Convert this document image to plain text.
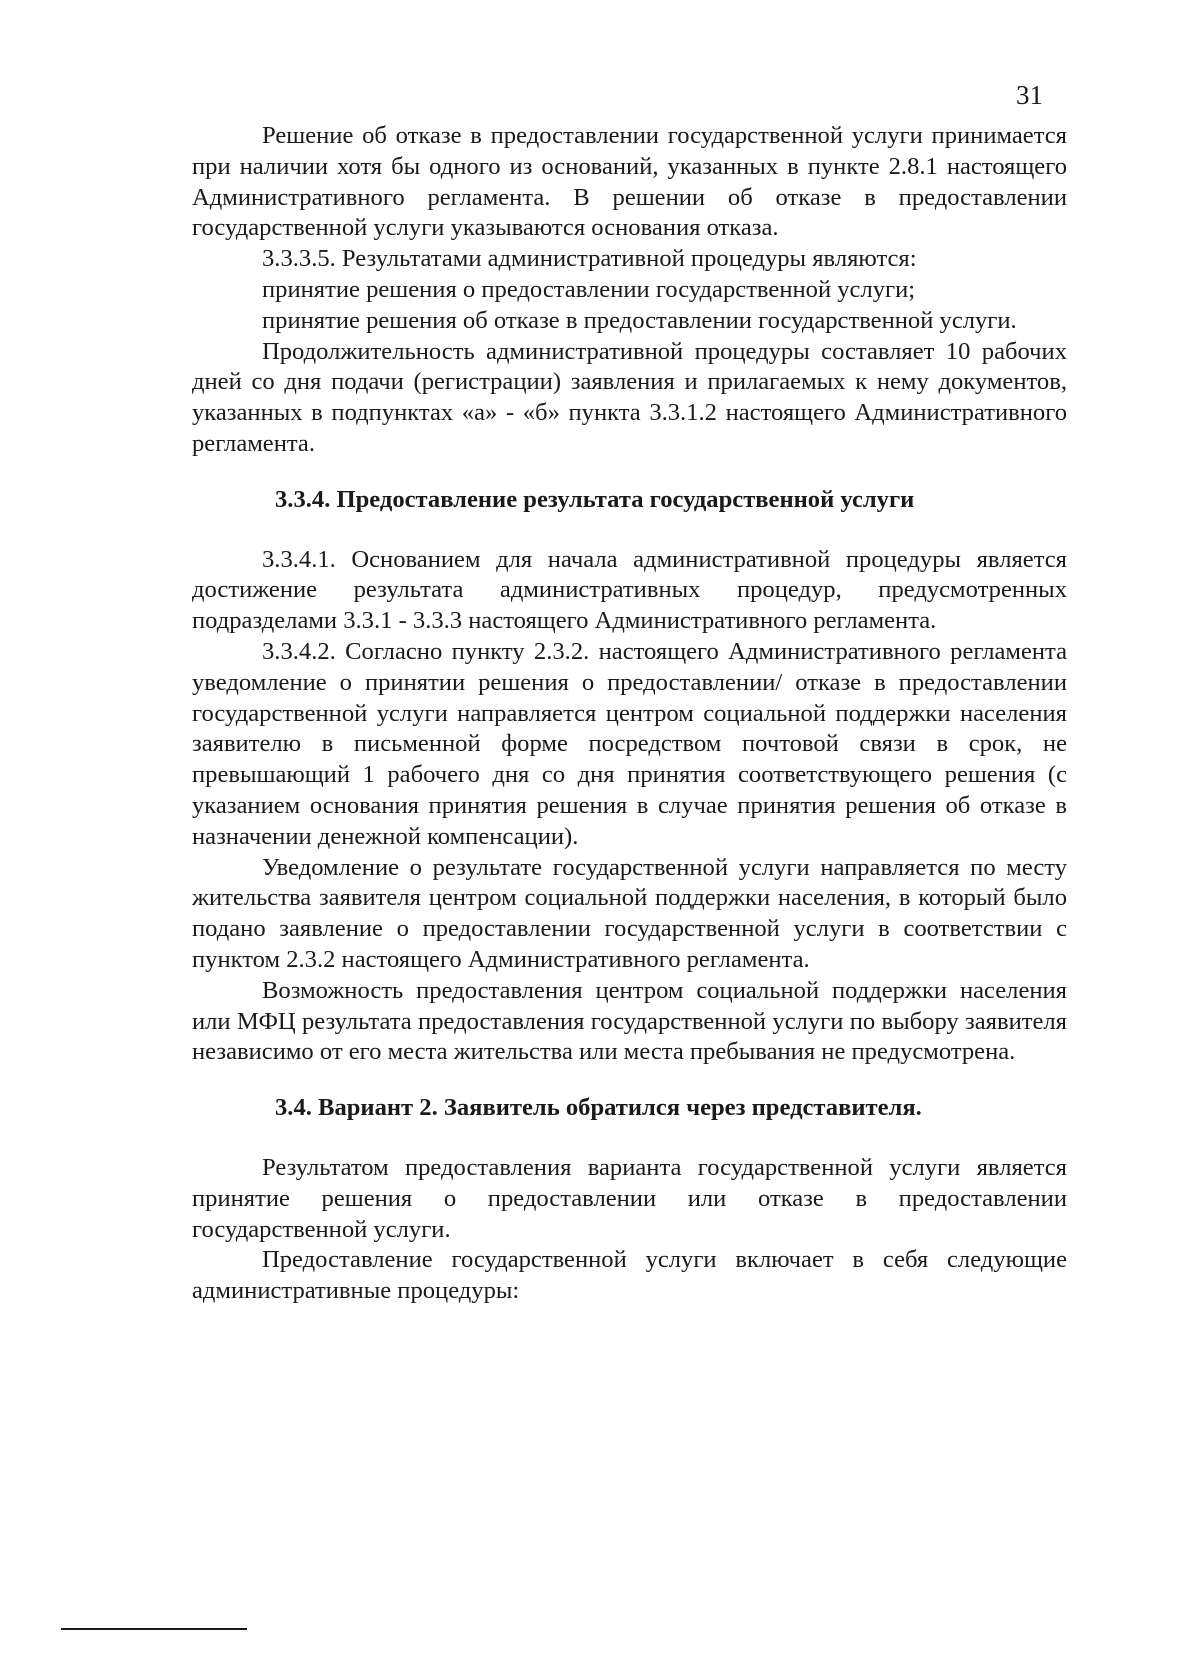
31

Решение об отказе в предоставлении государственной услуги принимается при наличии хотя бы одного из оснований, указанных в пункте 2.8.1 настоящего Административного регламента. В решении об отказе в предоставлении государственной услуги указываются основания отказа.

3.3.3.5. Результатами административной процедуры являются:

принятие решения о предоставлении государственной услуги;

принятие решения об отказе в предоставлении государственной услуги.

Продолжительность административной процедуры составляет 10 рабочих дней со дня подачи (регистрации) заявления и прилагаемых к нему документов, указанных в подпунктах «а» - «б» пункта 3.3.1.2 настоящего Административного регламента.

3.3.4. Предоставление результата государственной услуги

3.3.4.1. Основанием для начала административной процедуры является достижение результата административных процедур, предусмотренных подразделами 3.3.1 - 3.3.3 настоящего Административного регламента.

3.3.4.2. Согласно пункту 2.3.2. настоящего Административного регламента уведомление о принятии решения о предоставлении/ отказе в предоставлении государственной услуги направляется центром социальной поддержки населения заявителю в письменной форме посредством почтовой связи в срок, не превышающий 1 рабочего дня со дня принятия соответствующего решения (с указанием основания принятия решения в случае принятия решения об отказе в назначении денежной компенсации).

Уведомление о результате государственной услуги направляется по месту жительства заявителя центром социальной поддержки населения, в который было подано заявление о предоставлении государственной услуги в соответствии с пунктом 2.3.2 настоящего Административного регламента.

Возможность предоставления центром социальной поддержки населения или МФЦ результата предоставления государственной услуги по выбору заявителя независимо от его места жительства или места пребывания не предусмотрена.

3.4. Вариант 2. Заявитель обратился через представителя.

Результатом предоставления варианта государственной услуги является принятие решения о предоставлении или отказе в предоставлении государственной услуги.

Предоставление государственной услуги включает в себя следующие административные процедуры:
